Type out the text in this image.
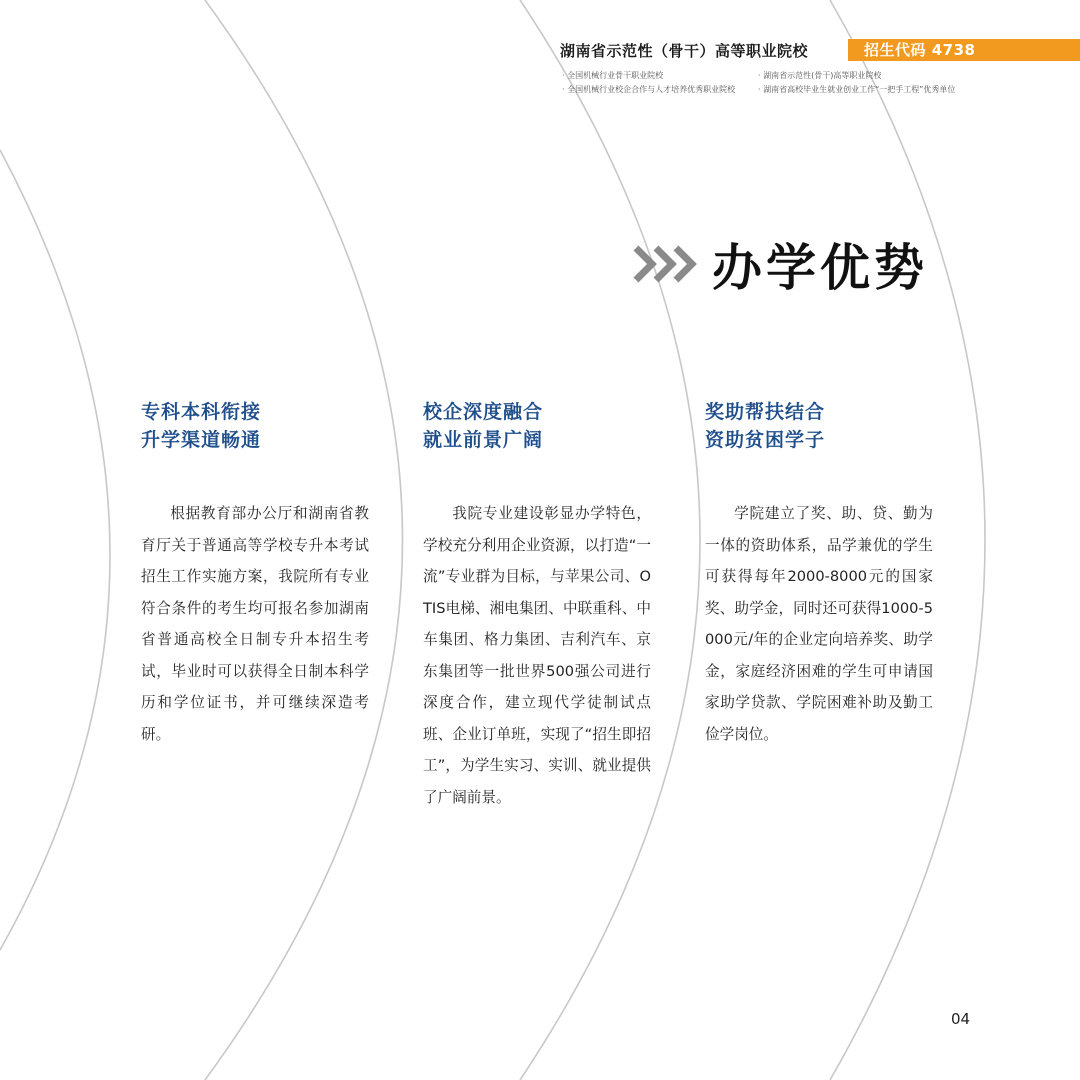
湖南省示范性（骨干）高等职业院校	招生代码 4738
· 全国机械行业骨干职业院校	· 湖南省示范性(骨干)高等职业院校
· 全国机械行业校企合作与人才培养优秀职业院校	· 湖南省高校毕业生就业创业工作“一把手工程”优秀单位
办学优势
专科本科衔接
升学渠道畅通

根据教育部办公厅和湖南省教育厅关于普通高等学校专升本考试招生工作实施方案，我院所有专业符合条件的考生均可报名参加湖南省普通高校全日制专升本招生考试，毕业时可以获得全日制本科学历和学位证书，并可继续深造考研。

校企深度融合
就业前景广阔

我院专业建设彰显办学特色，学校充分利用企业资源，以打造“一流”专业群为目标，与苹果公司、OTIS电梯、湘电集团、中联重科、中车集团、格力集团、吉利汽车、京东集团等一批世界500强公司进行深度合作，建立现代学徒制试点班、企业订单班，实现了“招生即招工”，为学生实习、实训、就业提供了广阔前景。

奖助帮扶结合
资助贫困学子

学院建立了奖、助、贷、勤为一体的资助体系，品学兼优的学生可获得每年2000-8000元的国家奖、助学金，同时还可获得1000-5000元/年的企业定向培养奖、助学金，家庭经济困难的学生可申请国家助学贷款、学院困难补助及勤工俭学岗位。

04
